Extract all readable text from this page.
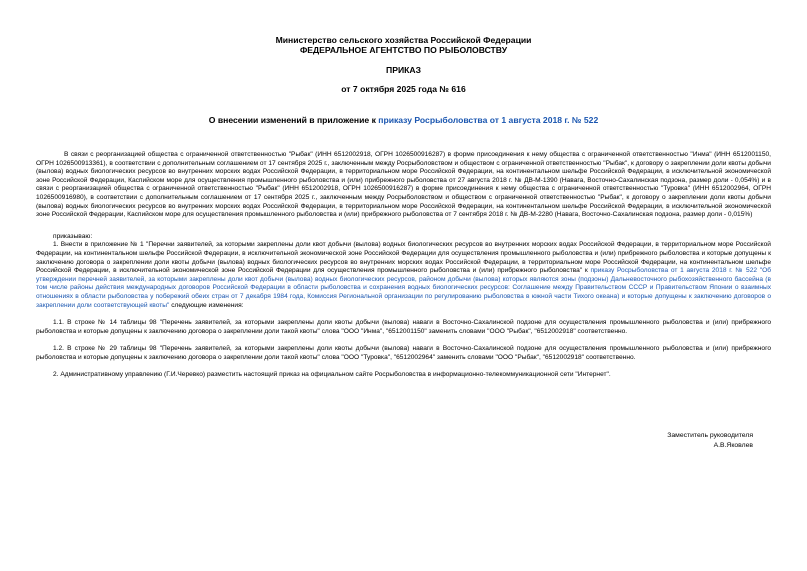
Министерство сельского хозяйства Российской Федерации
ФЕДЕРАЛЬНОЕ АГЕНТСТВО ПО РЫБОЛОВСТВУ
ПРИКАЗ
от 7 октября 2025 года № 616
О внесении изменений в приложение к приказу Росрыболовства от 1 августа 2018 г. № 522
В связи с реорганизацией общества с ограниченной ответственностью "Рыбак" (ИНН 6512002918, ОГРН 1026500916287) в форме присоединения к нему общества с ограниченной ответственностью "Инма" (ИНН 6512001150, ОГРН 1026500913361), в соответствии с дополнительным соглашением от 17 сентября 2025 г., заключенным между Росрыболовством и обществом с ограниченной ответственностью "Рыбак", к договору о закреплении доли квоты добычи (вылова) водных биологических ресурсов во внутренних морских водах Российской Федерации, в территориальном море Российской Федерации, на континентальном шельфе Российской Федерации, в исключительной экономической зоне Российской Федерации, Каспийском море для осуществления промышленного рыболовства и (или) прибрежного рыболовства от 27 августа 2018 г. № ДВ-М-1390 (Навага, Восточно-Сахалинская подзона, размер доли - 0,054%) и в связи с реорганизацией общества с ограниченной ответственностью "Рыбак" (ИНН 6512002918, ОГРН 1026500916287) в форме присоединения к нему общества с ограниченной ответственностью "Туровка" (ИНН 6512002964, ОГРН 1026500916980), в соответствии с дополнительным соглашением от 17 сентября 2025 г., заключенным между Росрыболовством и обществом с ограниченной ответственностью "Рыбак", к договору о закреплении доли квоты добычи (вылова) водных биологических ресурсов во внутренних морских водах Российской Федерации, в территориальном море Российской Федерации, на континентальном шельфе Российской Федерации, в исключительной экономической зоне Российской Федерации, Каспийском море для осуществления промышленного рыболовства и (или) прибрежного рыболовства от 7 сентября 2018 г. № ДВ-М-2280 (Навага, Восточно-Сахалинская подзона, размер доли - 0,015%)
приказываю:
1. Внести в приложение № 1 "Перечни заявителей, за которыми закреплены доли квот добычи (вылова) водных биологических ресурсов во внутренних морских водах Российской Федерации, в территориальном море Российской Федерации, на континентальном шельфе Российской Федерации, в исключительной экономической зоне Российской Федерации для осуществления промышленного рыболовства и (или) прибрежного рыболовства и которые допущены к заключению договора о закреплении доли квоты добычи (вылова) водных биологических ресурсов во внутренних морских водах Российской Федерации, в территориальном море Российской Федерации, на континентальном шельфе Российской Федерации, в исключительной экономической зоне Российской Федерации для осуществления промышленного рыболовства и (или) прибрежного рыболовства" к приказу Росрыболовства от 1 августа 2018 г. № 522 "Об утверждении перечней заявителей, за которыми закреплены доли квот добычи (вылова) водных биологических ресурсов, районом добычи (вылова) которых являются зоны (подзоны) Дальневосточного рыбохозяйственного бассейна (в том числе районы действия международных договоров Российской Федерации в области рыболовства и сохранения водных биологических ресурсов: Соглашение между Правительством СССР и Правительством Японии о взаимных отношениях в области рыболовства у побережий обеих стран от 7 декабря 1984 года, Комиссия Региональной организации по регулированию рыболовства в южной части Тихого океана) и которые допущены к заключению договоров о закреплении доли соответствующей квоты" следующие изменения:
1.1. В строке № 14 таблицы 98 "Перечень заявителей, за которыми закреплены доли квоты добычи (вылова) наваги в Восточно-Сахалинской подзоне для осуществления промышленного рыболовства и (или) прибрежного рыболовства и которые допущены к заключению договора о закреплении доли такой квоты" слова "ООО "Инма", "6512001150" заменить словами "ООО "Рыбак", "6512002918" соответственно.
1.2. В строке № 29 таблицы 98 "Перечень заявителей, за которыми закреплены доли квоты добычи (вылова) наваги в Восточно-Сахалинской подзоне для осуществления промышленного рыболовства и (или) прибрежного рыболовства и которые допущены к заключению договора о закреплении доли такой квоты" слова "ООО "Туровка", "6512002964" заменить словами "ООО "Рыбак", "6512002918" соответственно.
2. Административному управлению (Г.И.Черевко) разместить настоящий приказ на официальном сайте Росрыболовства в информационно-телекоммуникационной сети "Интернет".
Заместитель руководителя
А.В.Яковлев
